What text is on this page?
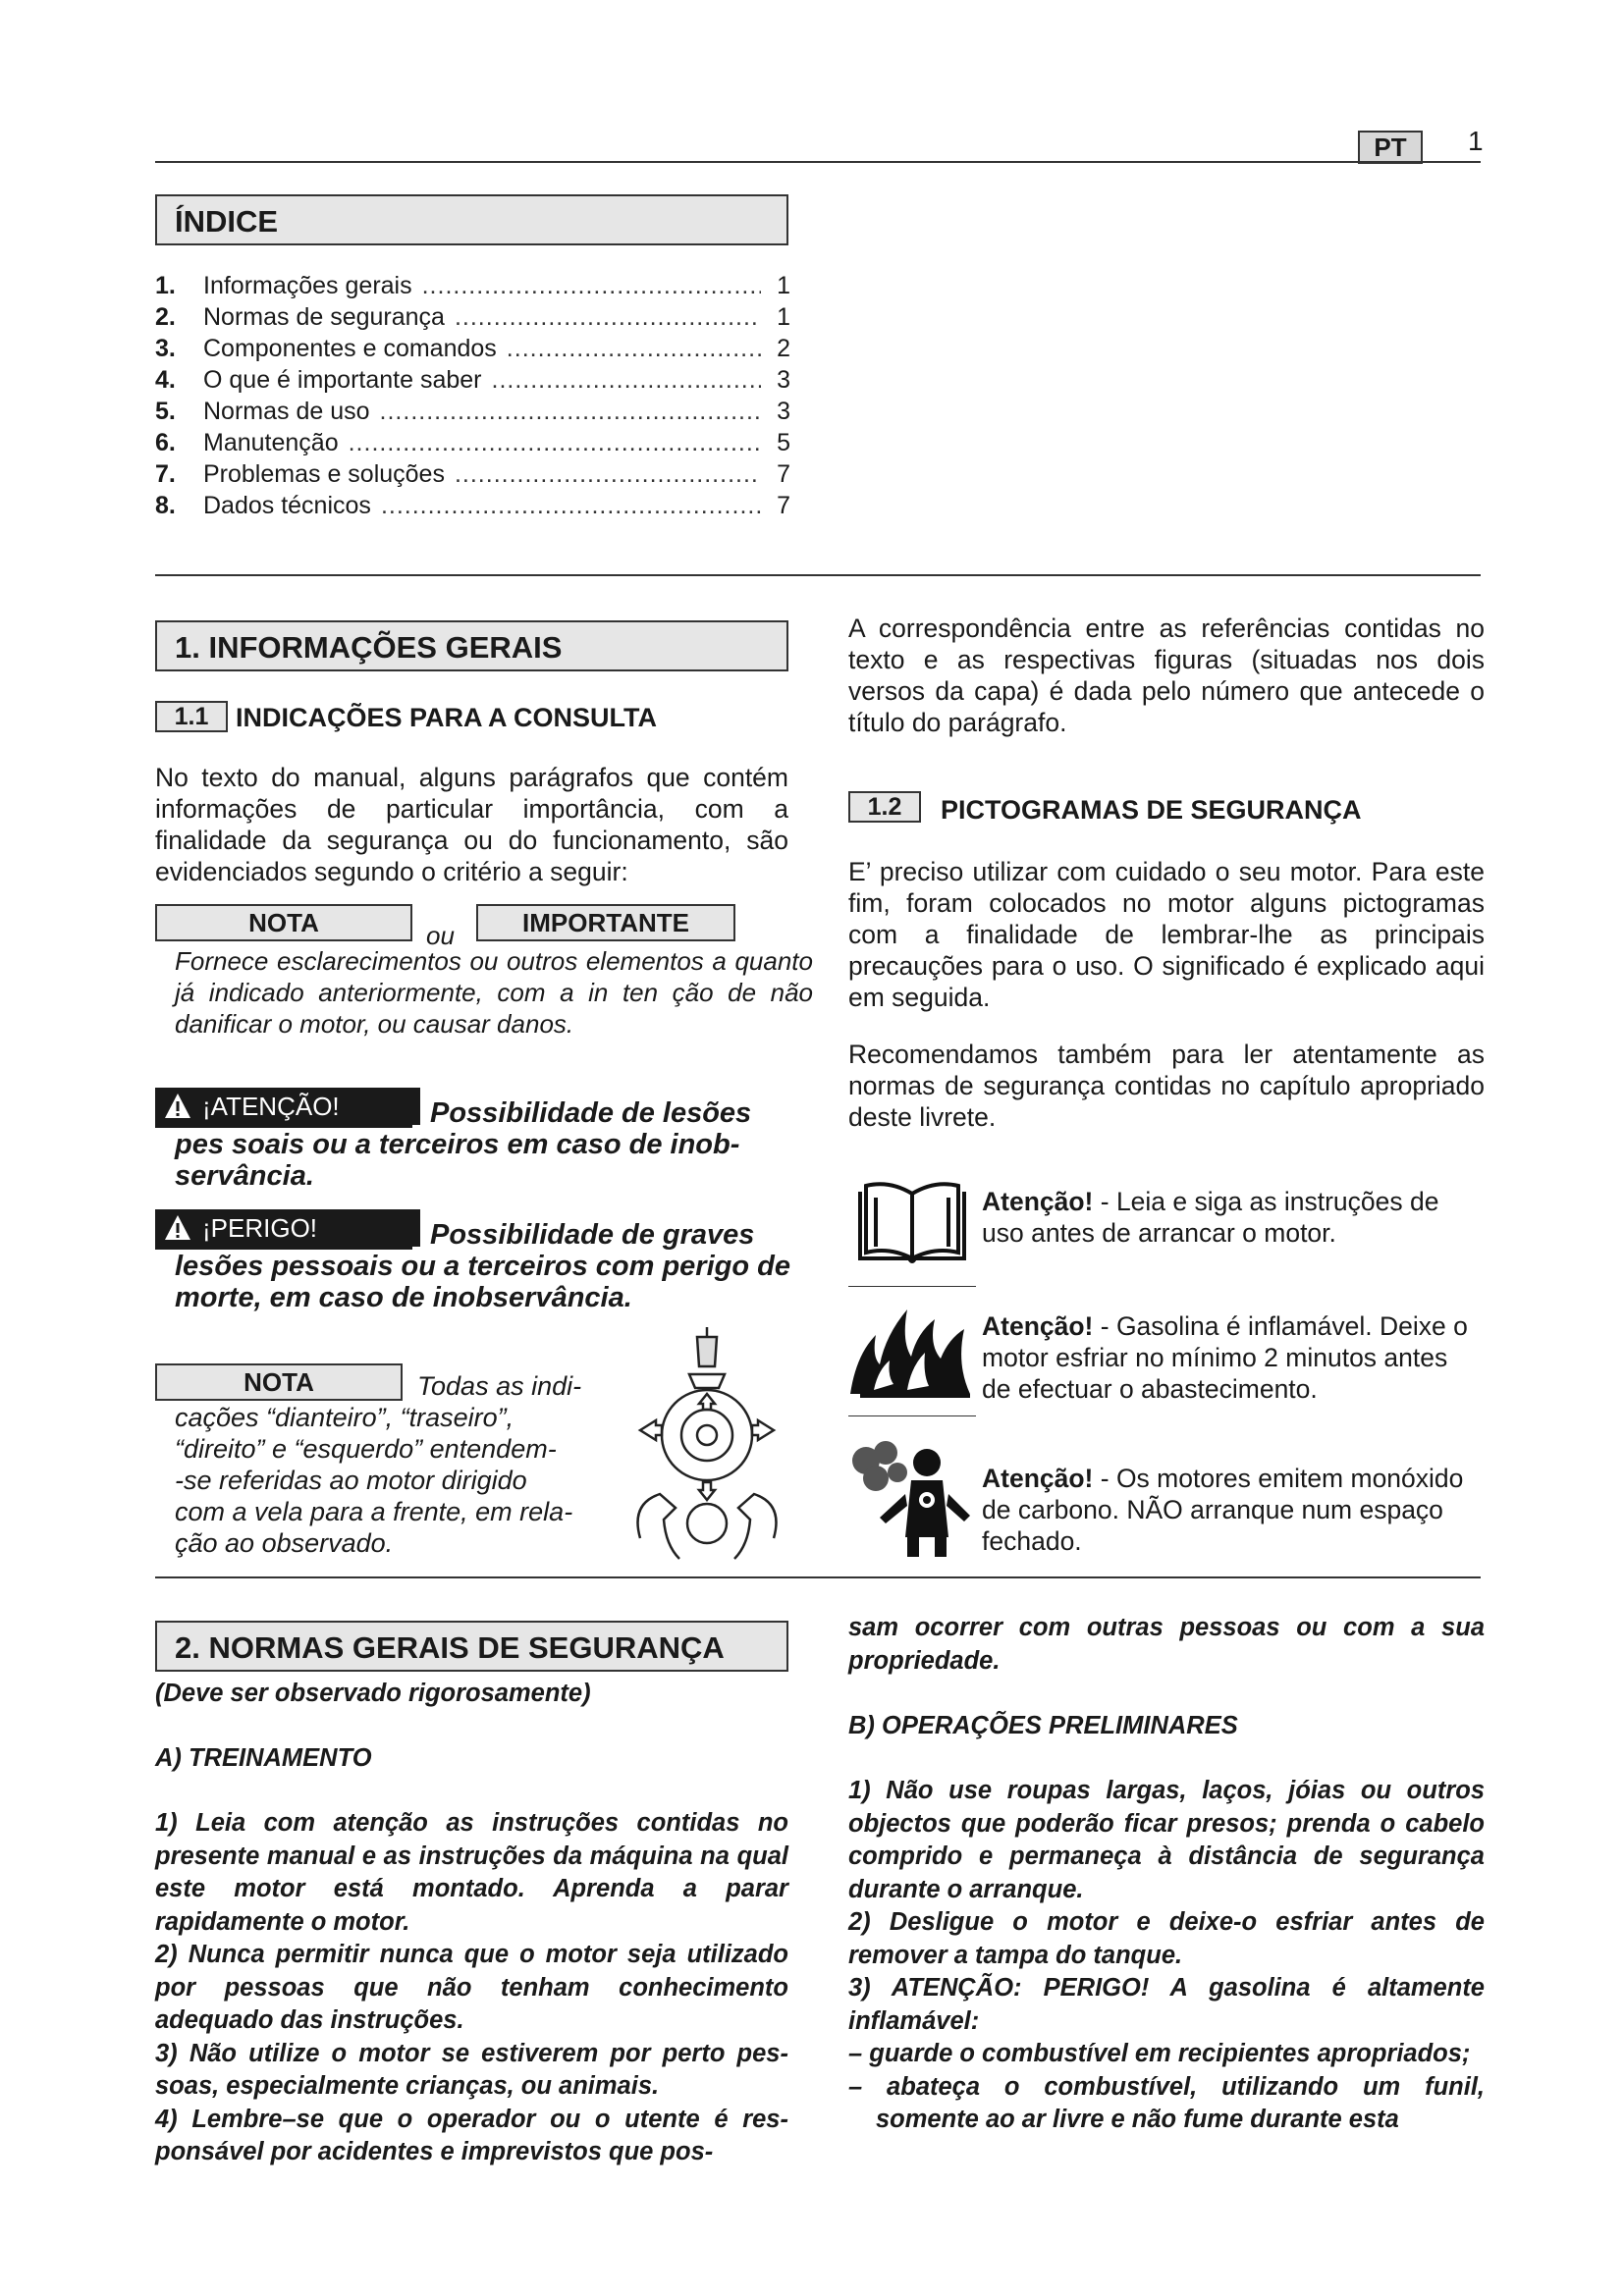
PT	1
ÍNDICE
1.	Informações gerais .....	1
2.	Normas de segurança .....	1
3.	Componentes e comandos .....	2
4.	O que é importante saber .....	3
5.	Normas de uso .....	3
6.	Manutenção .....	5
7.	Problemas e soluções .....	7
8.	Dados técnicos .....	7
1. INFORMAÇÕES GERAIS
1.1	INDICAÇÕES PARA A CONSULTA
No texto do manual, alguns parágrafos que contém informações de particular importância, com a finalidade da segurança ou do funcionamento, são evidenciados segundo o critério a seguir:
NOTA	ou	IMPORTANTE
Fornece esclarecimentos ou outros elementos a quanto já indicado anteriormente, com a in ten ção de não danificar o motor, ou causar danos.
¡ATENÇÃO!	Possibilidade de lesões pes soais ou a terceiros em caso de inobservância.
¡PERIGO!	Possibilidade de graves lesões pessoais ou a terceiros com perigo de morte, em caso de inobservância.
NOTA	Todas as indi-
cações “dianteiro”, “traseiro”,
“direito” e “esquerdo” entendem-
-se referidas ao motor dirigido
com a vela para a frente, em rela-
ção ao observado.
A correspondência entre as referências contidas no texto e as respectivas figuras (situadas nos dois versos da capa) é dada pelo número que antecede o título do parágrafo.
1.2	PICTOGRAMAS DE SEGURANÇA
E’ preciso utilizar com cuidado o seu motor. Para este fim, foram colocados no motor alguns pictogramas com a finalidade de lembrar-lhe as principais precauções para o uso. O significado é explicado aqui em seguida.
Recomendamos também para ler atentamente as normas de segurança contidas no capítulo apropriado deste livrete.
Atenção! - Leia e siga as instruções de uso antes de arrancar o motor.
Atenção! - Gasolina é inflamável. Deixe o motor esfriar no mínimo 2 minutos antes de efectuar o abastecimento.
Atenção! - Os motores emitem monóxido de carbono. NÃO arranque num espaço fechado.
2. NORMAS GERAIS DE SEGURANÇA
(Deve ser observado rigorosamente)
A) TREINAMENTO
1) Leia com atenção as instruções contidas no presente manual e as instruções da máquina na qual este motor está montado. Aprenda a parar rapidamente o motor.
2) Nunca permitir nunca que o motor seja utilizado por pessoas que não tenham conhecimento adequado das instruções.
3) Não utilize o motor se estiverem por perto pessoas, especialmente crianças, ou animais.
4) Lembre–se que o operador ou o utente é responsável por acidentes e imprevistos que pos-
sam ocorrer com outras pessoas ou com a sua propriedade.
B) OPERAÇÕES PRELIMINARES
1) Não use roupas largas, laços, jóias ou outros objectos que poderão ficar presos; prenda o cabelo comprido e permaneça à distância de segurança durante o arranque.
2) Desligue o motor e deixe-o esfriar antes de remover a tampa do tanque.
3) ATENÇÃO: PERIGO! A gasolina é altamente inflamável:
– guarde o combustível em recipientes apropriados;
– abateça o combustível, utilizando um funil, somente ao ar livre e não fume durante esta
